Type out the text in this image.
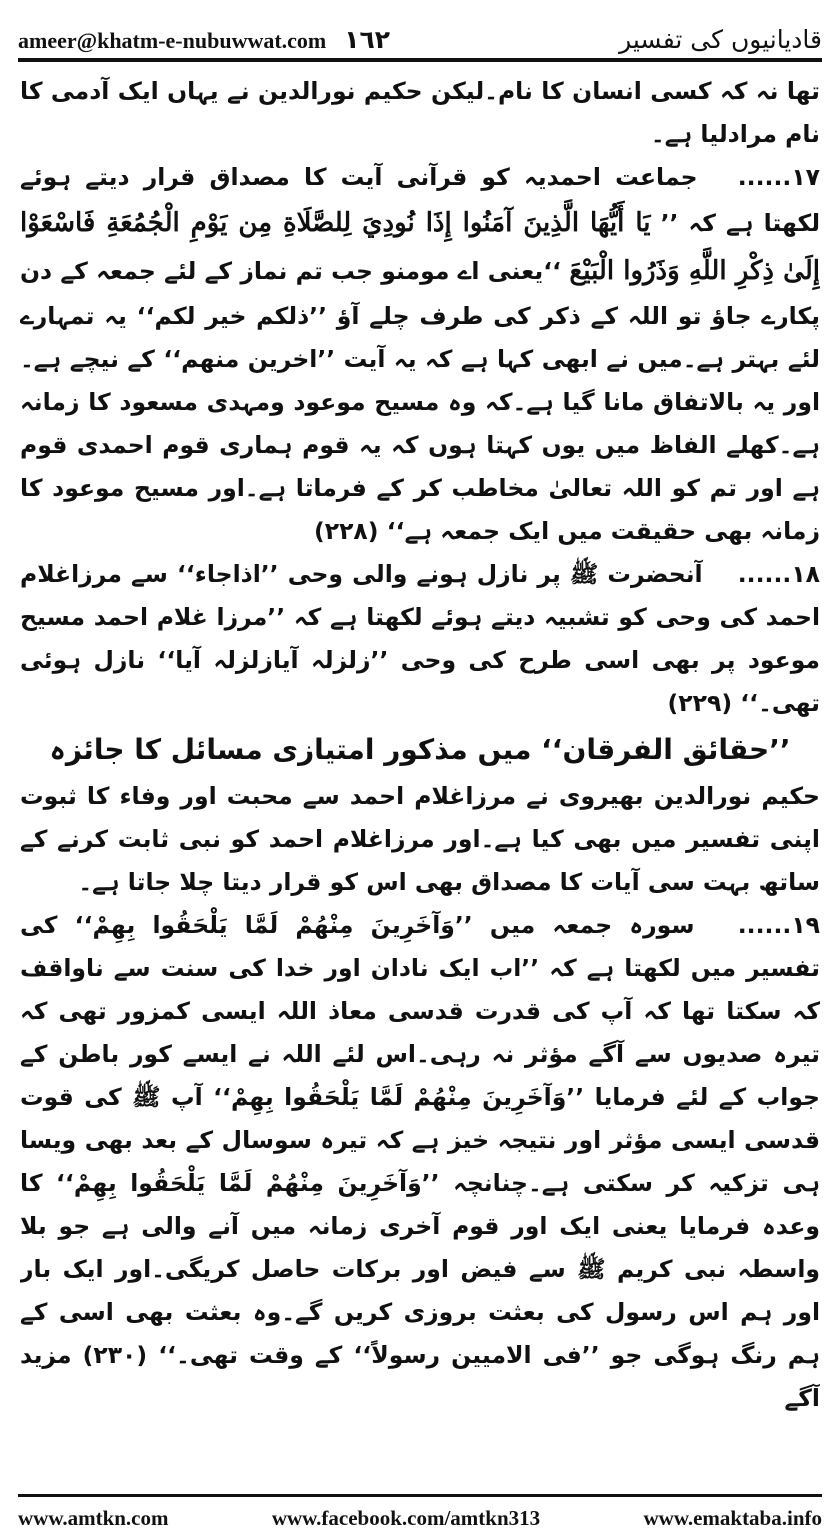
ameer@khatm-e-nubuwwat.com ١٦٢	قادیانیوں کی تفسیر

تھا نہ کہ کسی انسان کا نام۔لیکن حکیم نورالدین نے یہاں ایک آدمی کا نام مرادلیا ہے۔

١٧...... جماعت احمدیہ کو قرآنی آیت کا مصداق قرار دیتے ہوئے لکھتا ہے کہ ’’ یَا أَيُّهَا الَّذِينَ آمَنُوا إِذَا نُودِيَ لِلصَّلَاةِ مِن يَوْمِ الْجُمُعَةِ فَاسْعَوْا إِلَىٰ ذِكْرِ اللَّهِ وَذَرُوا الْبَيْعَ ‘‘یعنی اے مومنو جب تم نماز کے لئے جمعہ کے دن پکارے جاؤ تو اللہ کے ذکر کی طرف چلے آؤ ’’ذلکم خیر لکم‘‘ یہ تمہارے لئے بہتر ہے۔میں نے ابھی کہا ہے کہ یہ آیت ’’اخرین منھم‘‘ کے نیچے ہے۔اور یہ بالاتفاق مانا گیا ہے۔کہ وہ مسیح موعود ومہدی مسعود کا زمانہ ہے۔کھلے الفاظ میں یوں کہتا ہوں کہ یہ قوم ہماری قوم احمدی قوم ہے اور تم کو اللہ تعالیٰ مخاطب کر کے فرماتا ہے۔اور مسیح موعود کا زمانہ بھی حقیقت میں ایک جمعہ ہے‘‘ (٢٢٨)

١٨...... آنحضرت ﷺ پر نازل ہونے والی وحی ’’اذاجاء‘‘ سے مرزاغلام احمد کی وحی کو تشبیہ دیتے ہوئے لکھتا ہے کہ ’’مرزا غلام احمد مسیح موعود پر بھی اسی طرح کی وحی ’’زلزلہ آیازلزلہ آیا‘‘ نازل ہوئی تھی۔‘‘ (٢٢٩)

’’حقائق الفرقان‘‘ میں مذکور امتیازی مسائل کا جائزہ

حکیم نورالدین بھیروی نے مرزاغلام احمد سے محبت اور وفاء کا ثبوت اپنی تفسیر میں بھی کیا ہے۔اور مرزاغلام احمد کو نبی ثابت کرنے کے ساتھ بہت سی آیات کا مصداق بھی اس کو قرار دیتا چلا جاتا ہے۔

١٩...... سورہ جمعہ میں ’’وَآخَرِينَ مِنْهُمْ لَمَّا يَلْحَقُوا بِهِمْ‘‘ کی تفسیر میں لکھتا ہے کہ ’’اب ایک نادان اور خدا کی سنت سے ناواقف کہ سکتا تھا کہ آپ کی قدرت قدسی معاذ اللہ ایسی کمزور تھی کہ تیرہ صدیوں سے آگے مؤثر نہ رہی۔اس لئے اللہ نے ایسے کور باطن کے جواب کے لئے فرمایا ’’وَآخَرِينَ مِنْهُمْ لَمَّا يَلْحَقُوا بِهِمْ‘‘ آپ ﷺ کی قوت قدسی ایسی مؤثر اور نتیجہ خیز ہے کہ تیرہ سوسال کے بعد بھی ویسا ہی تزکیہ کر سکتی ہے۔چنانچہ ’’وَآخَرِينَ مِنْهُمْ لَمَّا يَلْحَقُوا بِهِمْ‘‘ کا وعدہ فرمایا یعنی ایک اور قوم آخری زمانہ میں آنے والی ہے جو بلا واسطہ نبی کریم ﷺ سے فیض اور برکات حاصل کریگی۔اور ایک بار اور ہم اس رسول کی بعثت بروزی کریں گے۔وہ بعثت بھی اسی کے ہم رنگ ہوگی جو ’’فی الامیین رسولاً‘‘ کے وقت تھی۔‘‘ (٢٣٠) مزید آگے

www.amtkn.com	www.facebook.com/amtkn313	www.emaktaba.info
